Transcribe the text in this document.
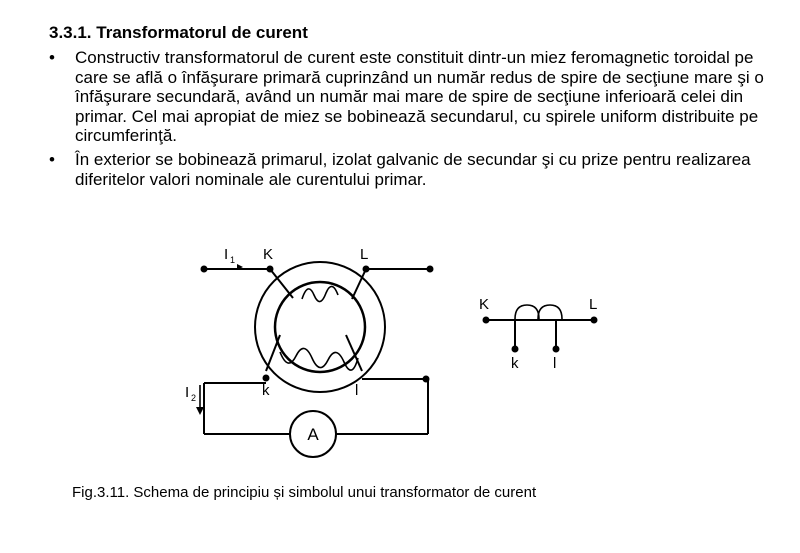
3.3.1. Transformatorul de curent
• Constructiv transformatorul de curent este constituit dintr-un miez feromagnetic toroidal pe care se află o înfăşurare primară cuprinzând un număr redus de spire de secţiune mare şi o înfăşurare secundară, având un număr mai mare de spire de secţiune inferioară celei din primar. Cel mai apropiat de miez se bobinează secundarul, cu spirele uniform distribuite pe circumferinţă.
• În exterior se bobinează primarul, izolat galvanic de secundar şi cu prize pentru realizarea diferitelor valori nominale ale curentului primar.
I 1 K	L
I 2	k	l
A
K	L
k l

Fig.3.11. Schema de principiu și simbolul unui transformator de curent
